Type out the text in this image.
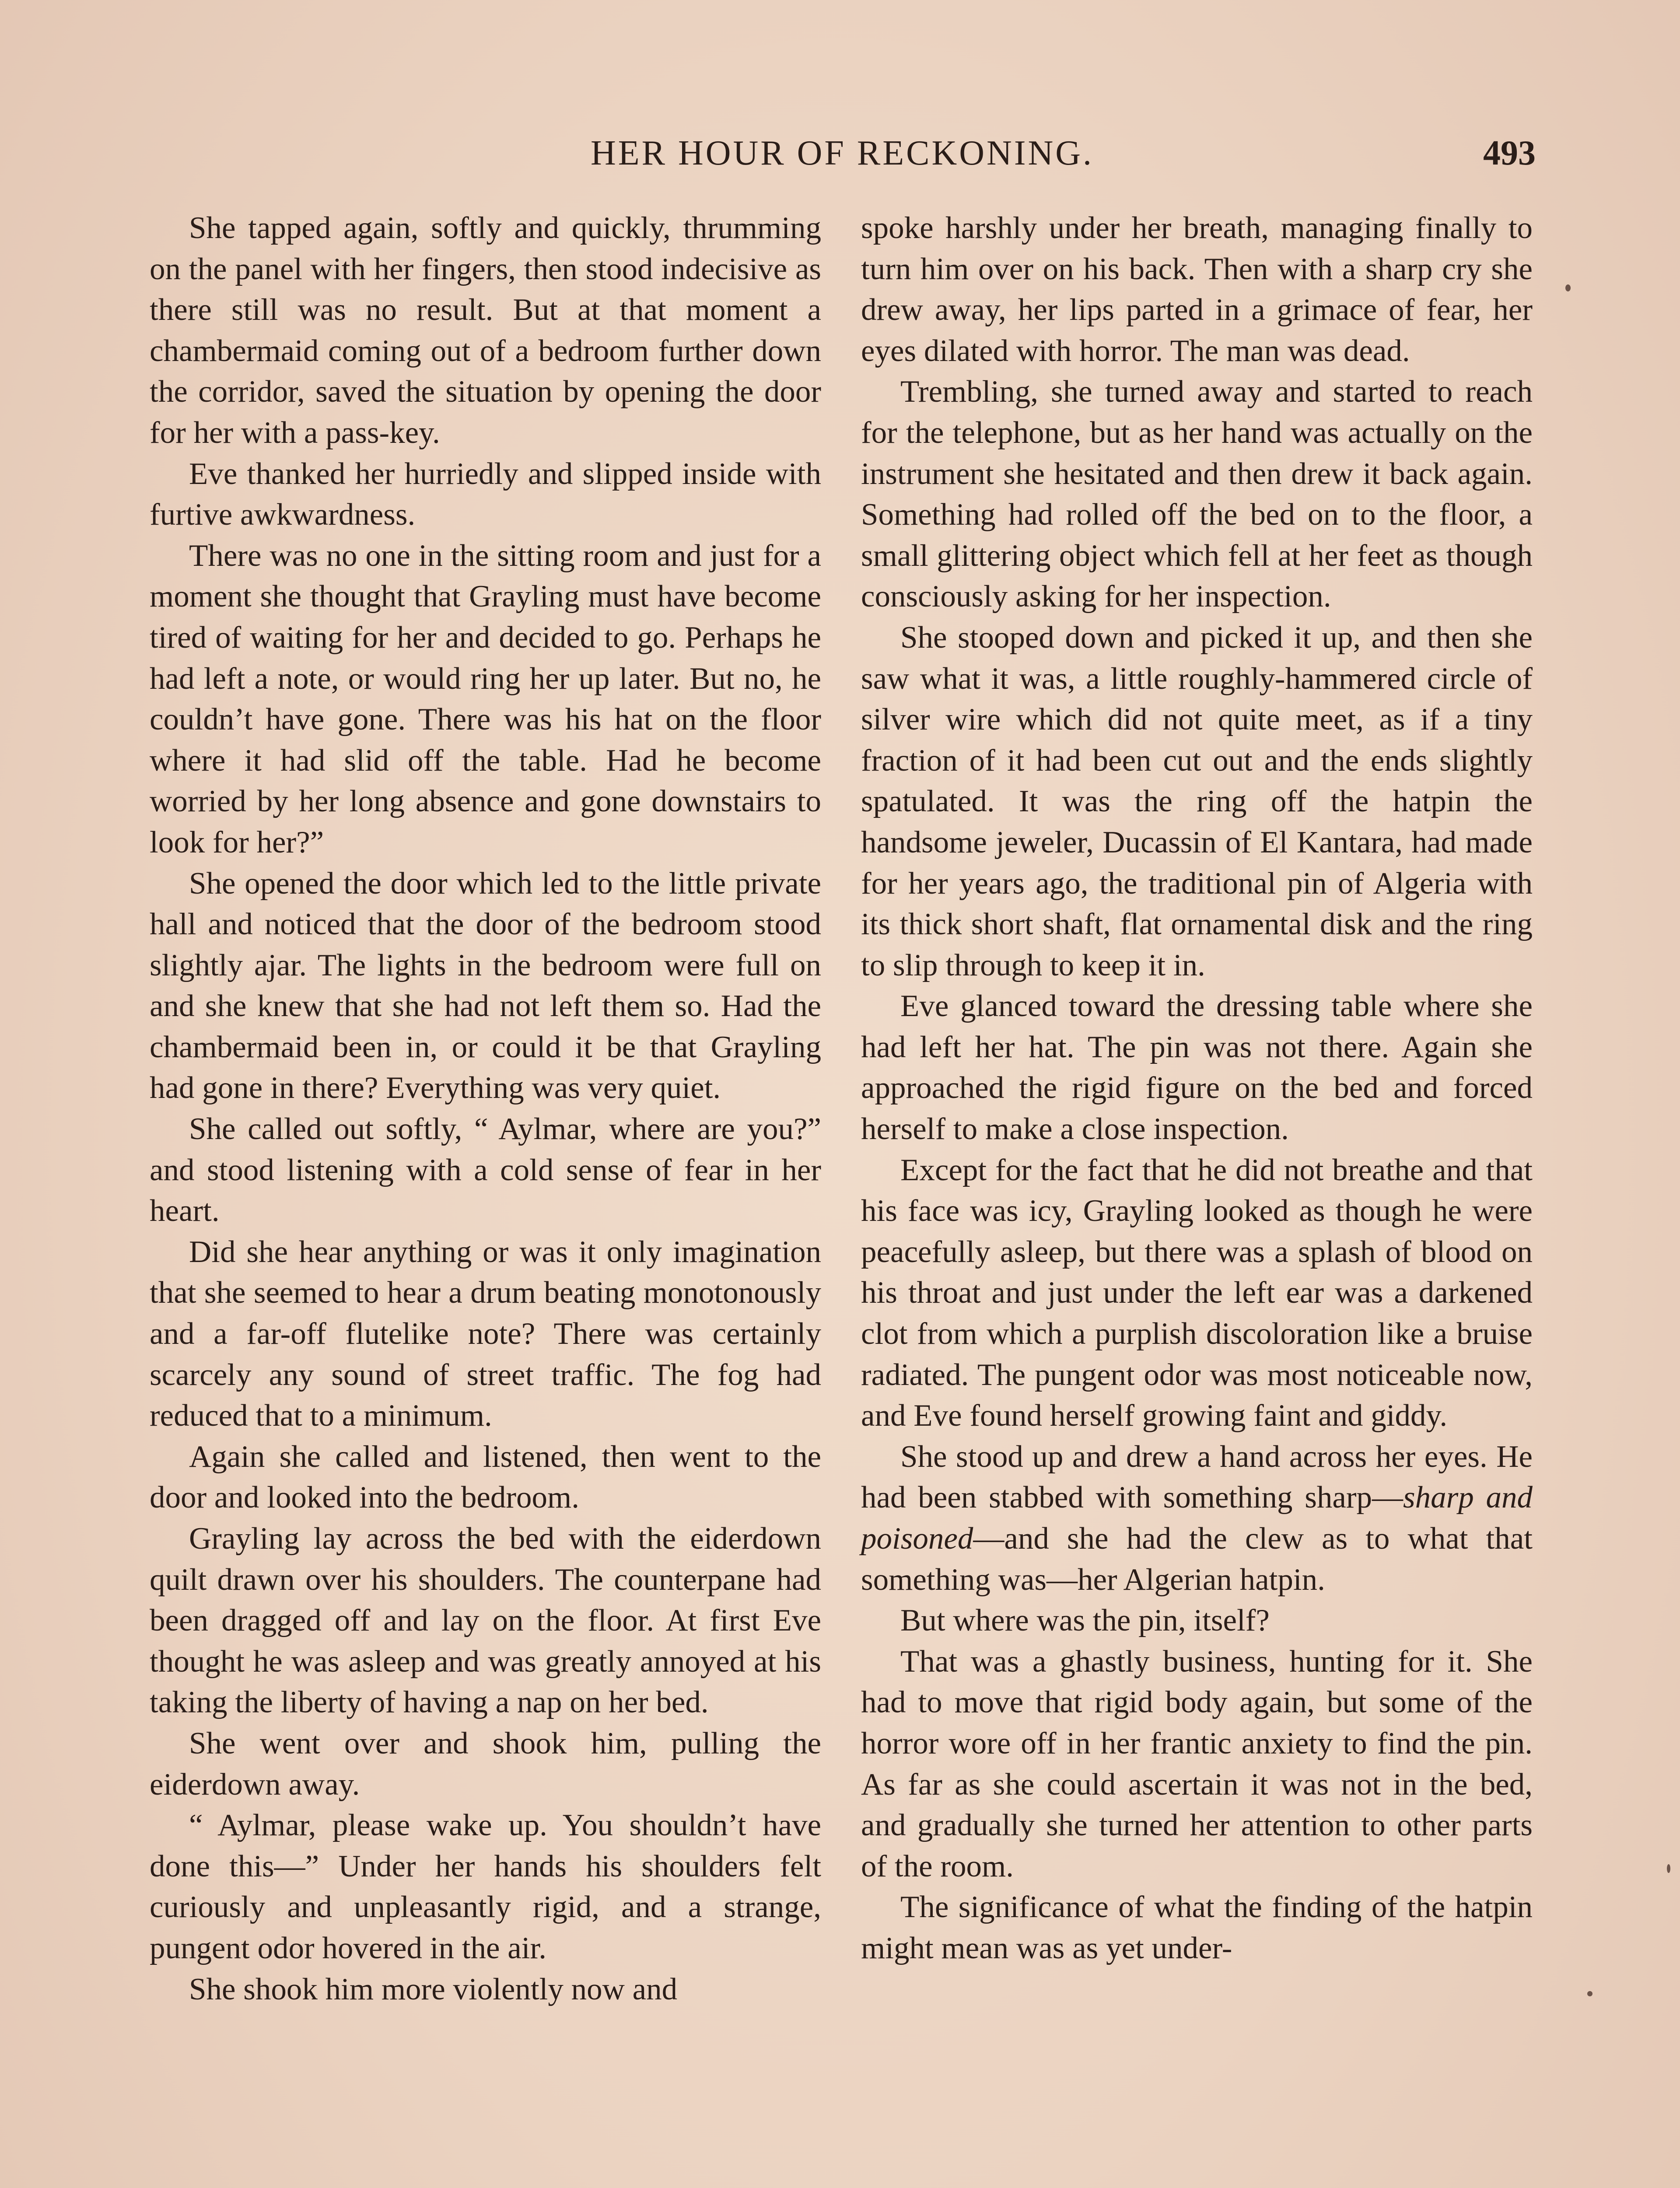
HER HOUR OF RECKONING.	493

She tapped again, softly and quickly, thrumming on the panel with her fingers, then stood indecisive as there still was no result. But at that moment a chambermaid coming out of a bedroom further down the corridor, saved the situation by opening the door for her with a pass-key.

Eve thanked her hurriedly and slipped inside with furtive awkwardness.

There was no one in the sitting room and just for a moment she thought that Grayling must have become tired of waiting for her and decided to go. Perhaps he had left a note, or would ring her up later. But no, he couldn’t have gone. There was his hat on the floor where it had slid off the table. Had he become worried by her long absence and gone downstairs to look for her?”

She opened the door which led to the little private hall and noticed that the door of the bedroom stood slightly ajar. The lights in the bedroom were full on and she knew that she had not left them so. Had the chambermaid been in, or could it be that Grayling had gone in there? Everything was very quiet.

She called out softly, “ Aylmar, where are you?” and stood listening with a cold sense of fear in her heart.

Did she hear anything or was it only imagination that she seemed to hear a drum beating monotonously and a far-off flutelike note? There was certainly scarcely any sound of street traffic. The fog had reduced that to a minimum.

Again she called and listened, then went to the door and looked into the bedroom.

Grayling lay across the bed with the eiderdown quilt drawn over his shoulders. The counterpane had been dragged off and lay on the floor. At first Eve thought he was asleep and was greatly annoyed at his taking the liberty of having a nap on her bed.

She went over and shook him, pulling the eiderdown away.

“ Aylmar, please wake up. You shouldn’t have done this—” Under her hands his shoulders felt curiously and unpleasantly rigid, and a strange, pungent odor hovered in the air.

She shook him more violently now and

spoke harshly under her breath, managing finally to turn him over on his back. Then with a sharp cry she drew away, her lips parted in a grimace of fear, her eyes dilated with horror. The man was dead.

Trembling, she turned away and started to reach for the telephone, but as her hand was actually on the instrument she hesitated and then drew it back again. Something had rolled off the bed on to the floor, a small glittering object which fell at her feet as though consciously asking for her inspection.

She stooped down and picked it up, and then she saw what it was, a little roughly-hammered circle of silver wire which did not quite meet, as if a tiny fraction of it had been cut out and the ends slightly spatulated. It was the ring off the hatpin the handsome jeweler, Ducassin of El Kantara, had made for her years ago, the traditional pin of Algeria with its thick short shaft, flat ornamental disk and the ring to slip through to keep it in.

Eve glanced toward the dressing table where she had left her hat. The pin was not there. Again she approached the rigid figure on the bed and forced herself to make a close inspection.

Except for the fact that he did not breathe and that his face was icy, Grayling looked as though he were peacefully asleep, but there was a splash of blood on his throat and just under the left ear was a darkened clot from which a purplish discoloration like a bruise radiated. The pungent odor was most noticeable now, and Eve found herself growing faint and giddy.

She stood up and drew a hand across her eyes. He had been stabbed with something sharp—sharp and poisoned—and she had the clew as to what that something was—her Algerian hatpin.

But where was the pin, itself?

That was a ghastly business, hunting for it. She had to move that rigid body again, but some of the horror wore off in her frantic anxiety to find the pin. As far as she could ascertain it was not in the bed, and gradually she turned her attention to other parts of the room.

The significance of what the finding of the hatpin might mean was as yet under-
